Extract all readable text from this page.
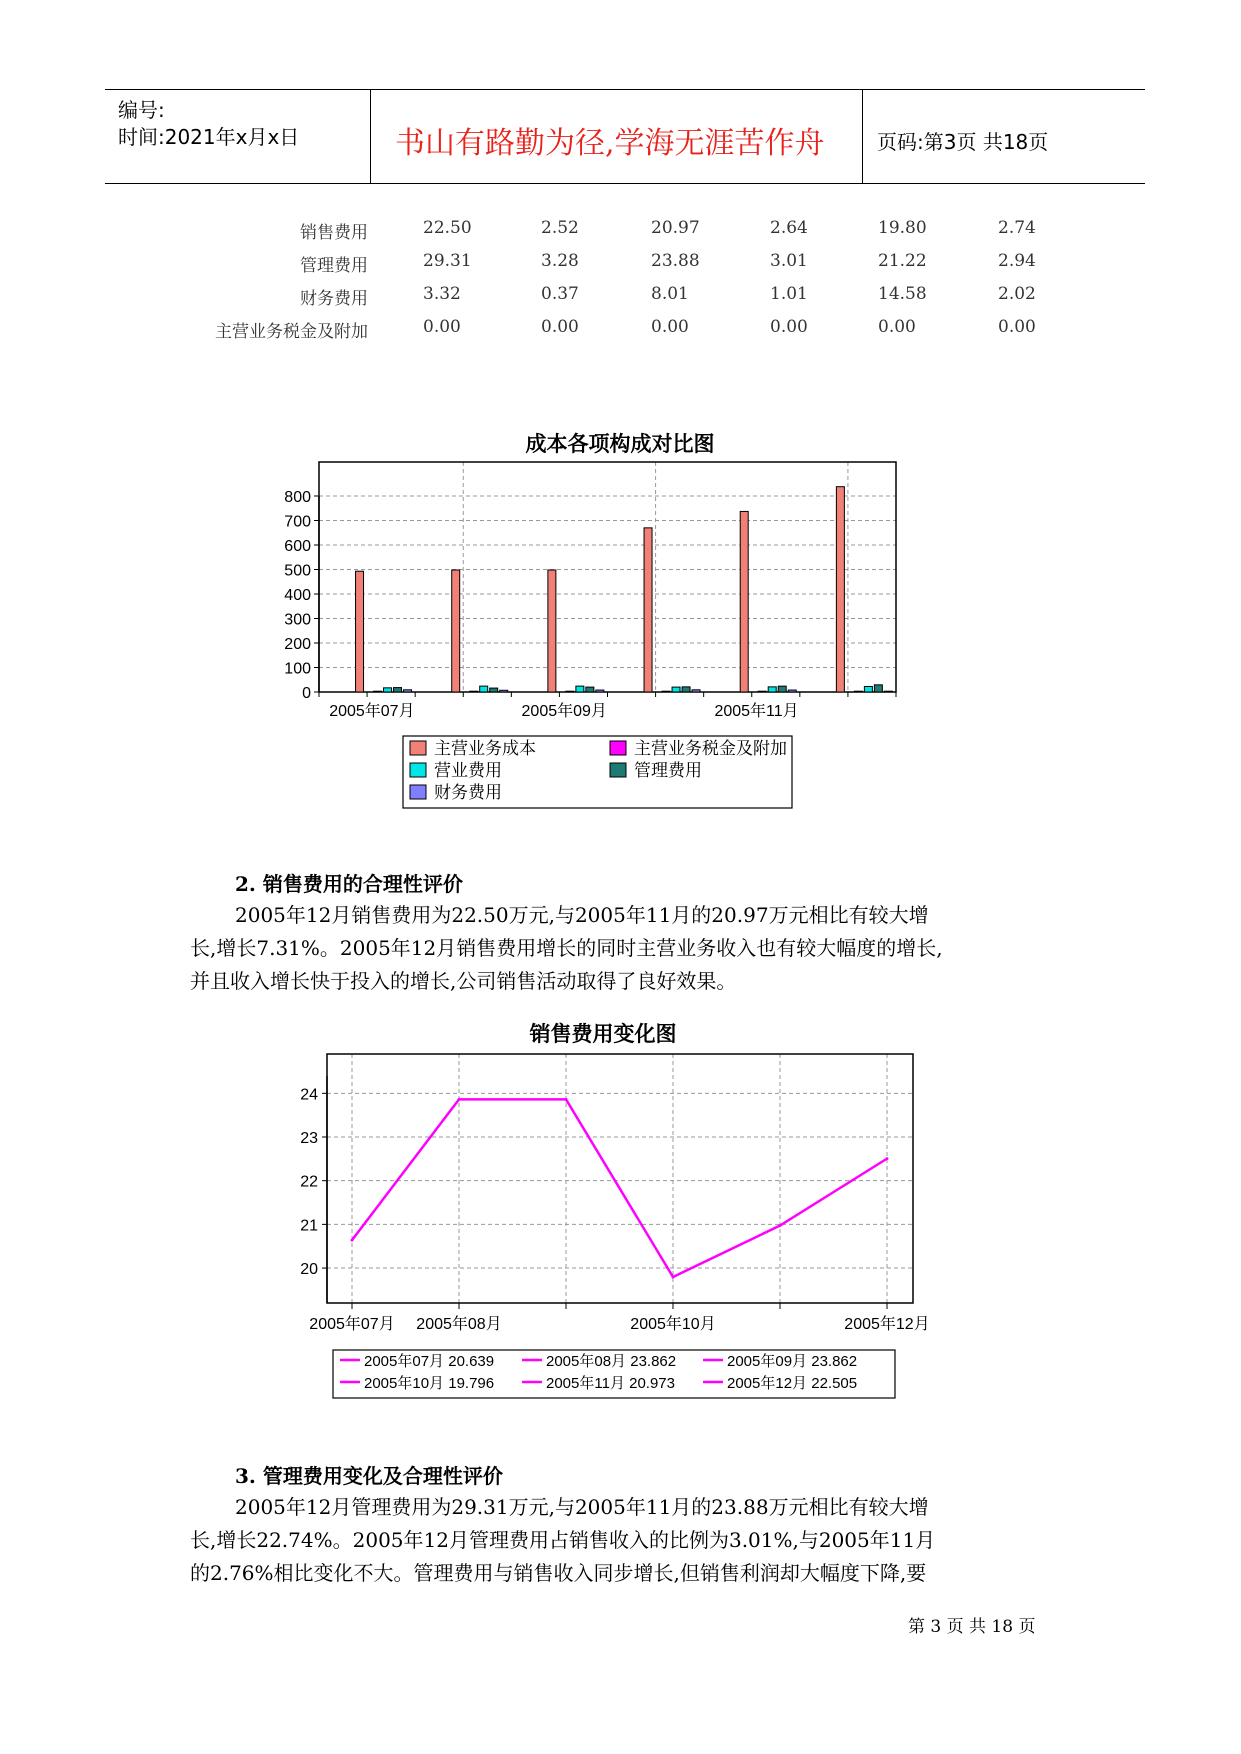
编号:
时间:2021年x月x日	书山有路勤为径,学海无涯苦作舟	页码:第3页 共18页
销售费用	22.50	2.52	20.97	2.64	19.80	2.74
管理费用	29.31	3.28	23.88	3.01	21.22	2.94
财务费用	3.32	0.37	8.01	1.01	14.58	2.02
主营业务税金及附加	0.00	0.00	0.00	0.00	0.00	0.00
成本各项构成对比图
0
100
200
300
400
500
600
700
800
2005年07月	2005年09月	2005年11月
主营业务成本	主营业务税金及附加
营业费用	管理费用
财务费用
2. 销售费用的合理性评价
2005年12月销售费用为22.50万元,与2005年11月的20.97万元相比有较大增
长,增长7.31%。2005年12月销售费用增长的同时主营业务收入也有较大幅度的增长,
并且收入增长快于投入的增长,公司销售活动取得了良好效果。
销售费用变化图
20
21
22
23
24
2005年07月 2005年08月	2005年10月	2005年12月
2005年07月 20.639	2005年08月 23.862	2005年09月 23.862
2005年10月 19.796	2005年11月 20.973	2005年12月 22.505
3. 管理费用变化及合理性评价
2005年12月管理费用为29.31万元,与2005年11月的23.88万元相比有较大增
长,增长22.74%。2005年12月管理费用占销售收入的比例为3.01%,与2005年11月
的2.76%相比变化不大。管理费用与销售收入同步增长,但销售利润却大幅度下降,要
第 3 页 共 18 页
